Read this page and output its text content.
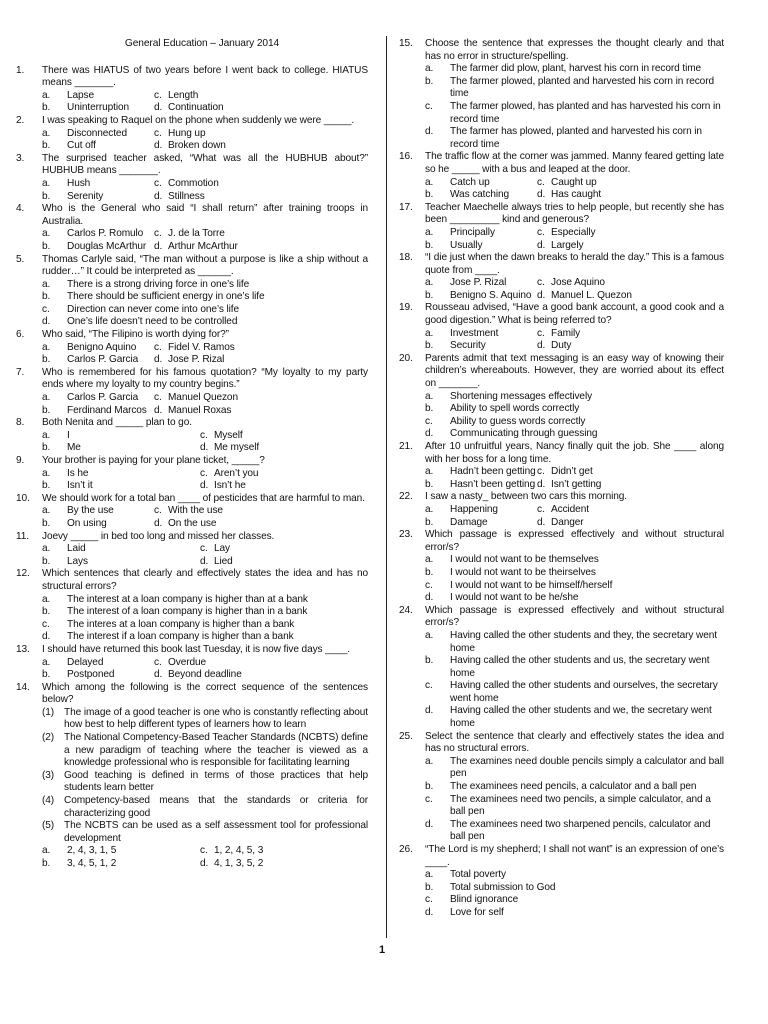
General Education – January 2014
1.	There was HIATUS of two years before I went back to college. HIATUS means _______.
a.	Lapse	c. Length
b.	Uninterruption	d. Continuation
2.	I was speaking to Raquel on the phone when suddenly we were _____.
a.	Disconnected	c. Hung up
b.	Cut off	d. Broken down
3.	The surprised teacher asked, “What was all the HUBHUB about?” HUBHUB means _______.
a.	Hush	c. Commotion
b.	Serenity	d. Stillness
4.	Who is the General who said “I shall return” after training troops in Australia.
a.	Carlos P. Romulo	c. J. de la Torre
b.	Douglas McArthur d. Arthur McArthur
5.	Thomas Carlyle said, “The man without a purpose is like a ship without a rudder…” It could be interpreted as ______.
a.	There is a strong driving force in one’s life
b.	There should be sufficient energy in one’s life
c.	Direction can never come into one’s life
d.	One’s life doesn’t need to be controlled
6.	Who said, “The Filipino is worth dying for?”
a.	Benigno Aquino	c. Fidel V. Ramos
b.	Carlos P. Garcia	d. Jose P. Rizal
7.	Who is remembered for his famous quotation? “My loyalty to my party ends where my loyalty to my country begins.”
a.	Carlos P. Garcia	c. Manuel Quezon
b.	Ferdinand Marcos d. Manuel Roxas
8.	Both Nenita and _____ plan to go.
a.	I	c. Myself
b.	Me	d. Me myself
9.	Your brother is paying for your plane ticket, _____?
a.	Is he	c. Aren’t you
b.	Isn’t it	d. Isn’t he
10.	We should work for a total ban ____ of pesticides that are harmful to man.
a.	By the use	c. With the use
b.	On using	d. On the use
11.	Joevy _____ in bed too long and missed her classes.
a.	Laid	c. Lay
b.	Lays	d. Lied
12.	Which sentences that clearly and effectively states the idea and has no structural errors?
a.	The interest at a loan company is higher than at a bank
b.	The interest of a loan company is higher than in a bank
c.	The interes at a loan company is higher than a bank
d.	The interest if a loan company is higher than a bank
13.	I should have returned this book last Tuesday, it is now five days ____.
a.	Delayed	c. Overdue
b.	Postponed	d. Beyond deadline
14.	Which among the following is the correct sequence of the sentences below?
(1) The image of a good teacher is one who is constantly reflecting about how best to help different types of learners how to learn
(2) The National Competency-Based Teacher Standards (NCBTS) define a new paradigm of teaching where the teacher is viewed as a knowledge professional who is responsible for facilitating learning
(3) Good teaching is defined in terms of those practices that help students learn better
(4) Competency-based means that the standards or criteria for characterizing good
(5) The NCBTS can be used as a self assessment tool for professional development
a.	2, 4, 3, 1, 5	c. 1, 2, 4, 5, 3
b.	3, 4, 5, 1, 2	d. 4, 1, 3, 5, 2
15.	Choose the sentence that expresses the thought clearly and that has no error in structure/spelling.
a.	The farmer did plow, plant, harvest his corn in record time
b.	The farmer plowed, planted and harvested his corn in record time
c.	The farmer plowed, has planted and has harvested his corn in record time
d.	The farmer has plowed, planted and harvested his corn in record time
16.	The traffic flow at the corner was jammed. Manny feared getting late so he _____ with a bus and leaped at the door.
a.	Catch up	c. Caught up
b.	Was catching	d. Has caught
17.	Teacher Maechelle always tries to help people, but recently she has been _________ kind and generous?
a.	Principally	c. Especially
b.	Usually	d. Largely
18.	“I die just when the dawn breaks to herald the day.” This is a famous quote from ____.
a.	Jose P. Rizal	c. Jose Aquino
b.	Benigno S. Aquino d. Manuel L. Quezon
19.	Rousseau advised, “Have a good bank account, a good cook and a good digestion.” What is being referred to?
a.	Investment	c. Family
b.	Security	d. Duty
20.	Parents admit that text messaging is an easy way of knowing their children’s whereabouts. However, they are worried about its effect on _______.
a.	Shortening messages effectively
b.	Ability to spell words correctly
c.	Ability to guess words correctly
d.	Communicating through guessing
21.	After 10 unfruitful years, Nancy finally quit the job. She ____ along with her boss for a long time.
a.	Hadn’t been getting c. Didn’t get
b.	Hasn’t been getting d. Isn’t getting
22.	I saw a nasty_ between two cars this morning.
a.	Happening	c. Accident
b.	Damage	d. Danger
23.	Which passage is expressed effectively and without structural error/s?
a.	I would not want to be themselves
b.	I would not want to be theirselves
c.	I would not want to be himself/herself
d.	I would not want to be he/she
24.	Which passage is expressed effectively and without structural error/s?
a.	Having called the other students and they, the secretary went home
b.	Having called the other students and us, the secretary went home
c.	Having called the other students and ourselves, the secretary went home
d.	Having called the other students and we, the secretary went home
25.	Select the sentence that clearly and effectively states the idea and has no structural errors.
a.	The examines need double pencils simply a calculator and ball pen
b.	The examinees need pencils, a calculator and a ball pen
c.	The examinees need two pencils, a simple calculator, and a ball pen
d.	The examinees need two sharpened pencils, calculator and ball pen
26.	“The Lord is my shepherd; I shall not want” is an expression of one’s ____.
a.	Total poverty
b.	Total submission to God
c.	Blind ignorance
d.	Love for self
1
